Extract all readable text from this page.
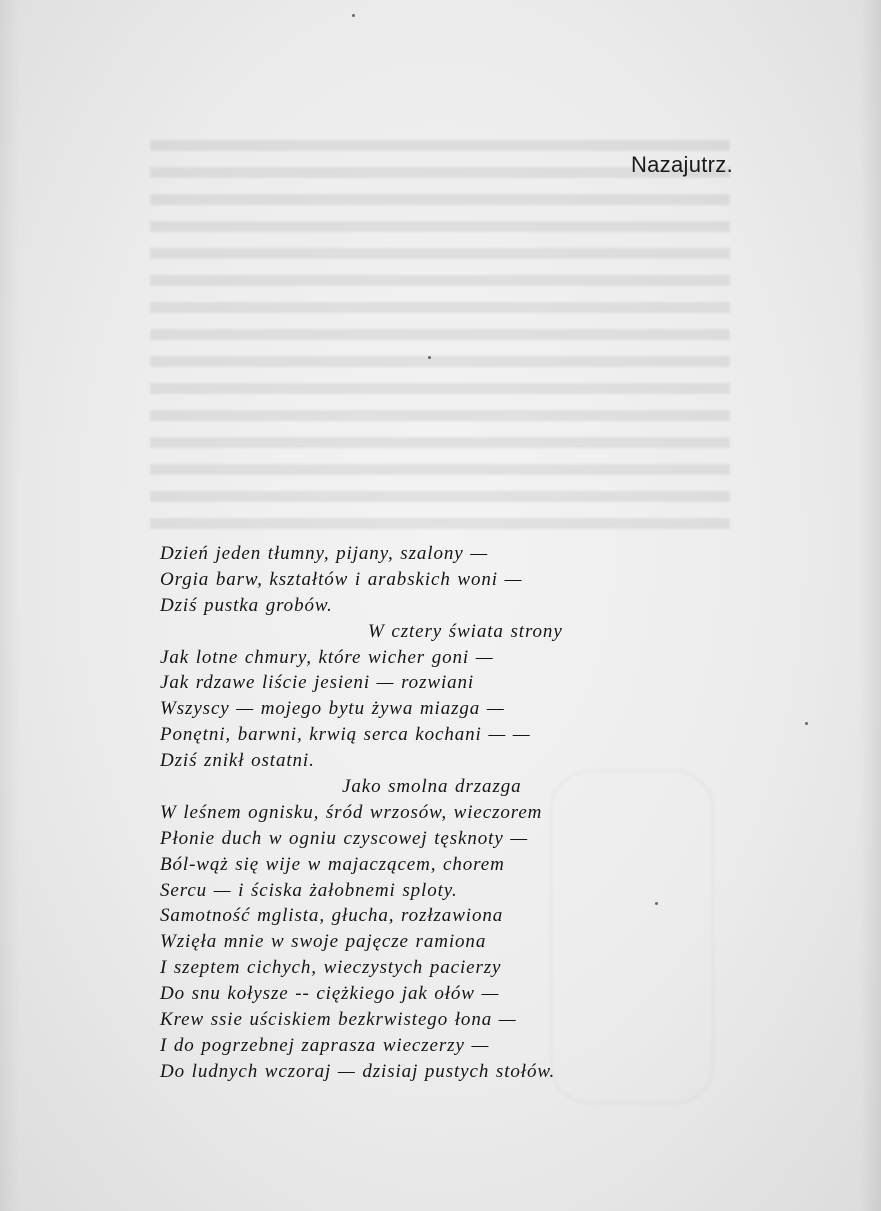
Nazajutrz.
Dzień jeden tłumny, pijany, szalony —
Orgia barw, kształtów i arabskich woni —
Dziś pustka grobów.
W cztery świata strony
Jak lotne chmury, które wicher goni —
Jak rdzawe liście jesieni — rozwiani
Wszyscy — mojego bytu żywa miazga —
Ponętni, barwni, krwią serca kochani — —
Dziś znikł ostatni.
Jako smolna drzazga
W leśnem ognisku, śród wrzosów, wieczorem
Płonie duch w ogniu czyscowej tęsknoty —
Ból-wąż się wije w majaczącem, chorem
Sercu — i ściska żałobnemi sploty.
Samotność mglista, głucha, rozłzawiona
Wzięła mnie w swoje pajęcze ramiona
I szeptem cichych, wieczystych pacierzy
Do snu kołysze -- ciężkiego jak ołów —
Krew ssie uściskiem bezkrwistego łona —
I do pogrzebnej zaprasza wieczerzy —
Do ludnych wczoraj — dzisiaj pustych stołów.
